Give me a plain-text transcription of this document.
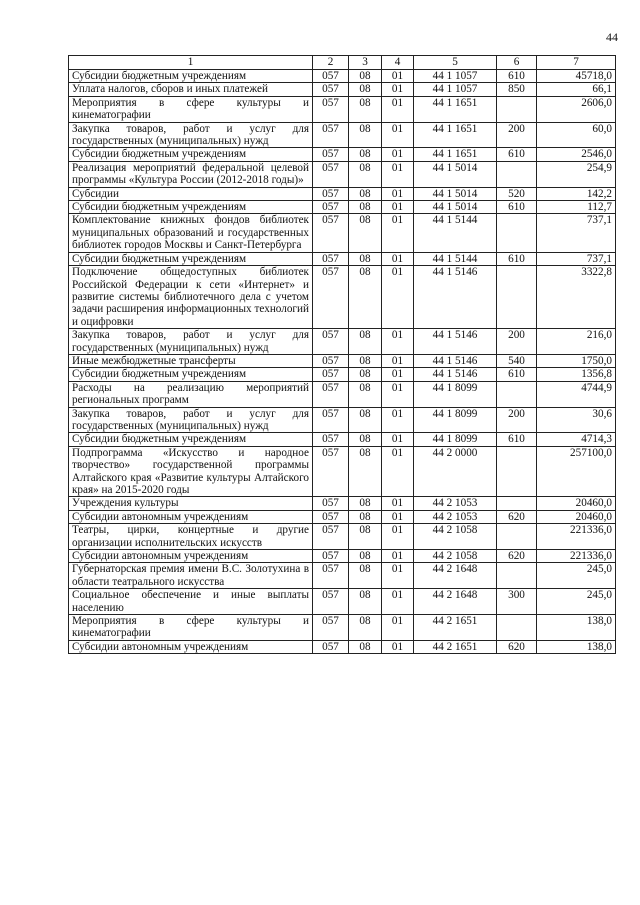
44
1	2	3	4	5	6	7
Субсидии бюджетным учреждениям	057	08	01	44 1 1057	610	45718,0
Уплата налогов, сборов и иных платежей	057	08	01	44 1 1057	850	66,1
Мероприятия в сфере культуры и кинематографии	057	08	01	44 1 1651		2606,0
Закупка товаров, работ и услуг для государственных (муниципальных) нужд	057	08	01	44 1 1651	200	60,0
Субсидии бюджетным учреждениям	057	08	01	44 1 1651	610	2546,0
Реализация мероприятий федеральной целевой программы «Культура России (2012-2018 годы)»	057	08	01	44 1 5014		254,9
Субсидии	057	08	01	44 1 5014	520	142,2
Субсидии бюджетным учреждениям	057	08	01	44 1 5014	610	112,7
Комплектование книжных фондов библиотек муниципальных образований и государственных библиотек городов Москвы и Санкт-Петербурга	057	08	01	44 1 5144		737,1
Субсидии бюджетным учреждениям	057	08	01	44 1 5144	610	737,1
Подключение общедоступных библиотек Российской Федерации к сети «Интернет» и развитие системы библиотечного дела с учетом задачи расширения информационных технологий и оцифровки	057	08	01	44 1 5146		3322,8
Закупка товаров, работ и услуг для государственных (муниципальных) нужд	057	08	01	44 1 5146	200	216,0
Иные межбюджетные трансферты	057	08	01	44 1 5146	540	1750,0
Субсидии бюджетным учреждениям	057	08	01	44 1 5146	610	1356,8
Расходы на реализацию мероприятий региональных программ	057	08	01	44 1 8099		4744,9
Закупка товаров, работ и услуг для государственных (муниципальных) нужд	057	08	01	44 1 8099	200	30,6
Субсидии бюджетным учреждениям	057	08	01	44 1 8099	610	4714,3
Подпрограмма «Искусство и народное творчество» государственной программы Алтайского края «Развитие культуры Алтайского края» на 2015-2020 годы	057	08	01	44 2 0000		257100,0
Учреждения культуры	057	08	01	44 2 1053		20460,0
Субсидии автономным учреждениям	057	08	01	44 2 1053	620	20460,0
Театры, цирки, концертные и другие организации исполнительских искусств	057	08	01	44 2 1058		221336,0
Субсидии автономным учреждениям	057	08	01	44 2 1058	620	221336,0
Губернаторская премия имени В.С. Золотухина в области театрального искусства	057	08	01	44 2 1648		245,0
Социальное обеспечение и иные выплаты населению	057	08	01	44 2 1648	300	245,0
Мероприятия в сфере культуры и кинематографии	057	08	01	44 2 1651		138,0
Субсидии автономным учреждениям	057	08	01	44 2 1651	620	138,0
